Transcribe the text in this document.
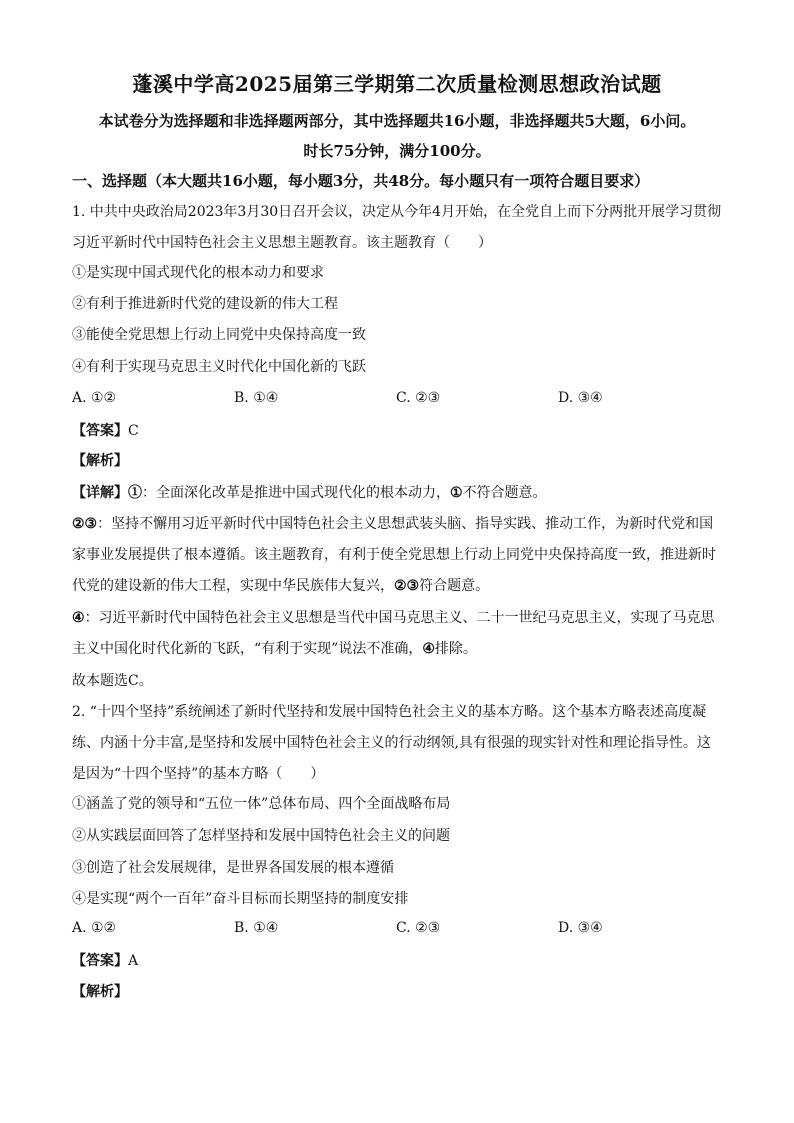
蓬溪中学高2025届第三学期第二次质量检测思想政治试题
本试卷分为选择题和非选择题两部分，其中选择题共16小题，非选择题共5大题，6小问。
时长75分钟，满分100分。
一、选择题（本大题共16小题，每小题3分，共48分。每小题只有一项符合题目要求）
1. 中共中央政治局2023年3月30日召开会议，决定从今年4月开始，在全党自上而下分两批开展学习贯彻习近平新时代中国特色社会主义思想主题教育。该主题教育（　　）
①是实现中国式现代化的根本动力和要求
②有利于推进新时代党的建设新的伟大工程
③能使全党思想上行动上同党中央保持高度一致
④有利于实现马克思主义时代化中国化新的飞跃
A. ①②	B. ①④	C. ②③	D. ③④
【答案】C
【解析】
【详解】①：全面深化改革是推进中国式现代化的根本动力，①不符合题意。
②③：坚持不懈用习近平新时代中国特色社会主义思想武装头脑、指导实践、推动工作，为新时代党和国家事业发展提供了根本遵循。该主题教育，有利于使全党思想上行动上同党中央保持高度一致，推进新时代党的建设新的伟大工程，实现中华民族伟大复兴，②③符合题意。
④：习近平新时代中国特色社会主义思想是当代中国马克思主义、二十一世纪马克思主义，实现了马克思主义中国化时代化新的飞跃，“有利于实现”说法不准确，④排除。
故本题选C。
2. “十四个坚持”系统阐述了新时代坚持和发展中国特色社会主义的基本方略。这个基本方略表述高度凝练、内涵十分丰富,是坚持和发展中国特色社会主义的行动纲领,具有很强的现实针对性和理论指导性。这是因为“十四个坚持”的基本方略（　　）
①涵盖了党的领导和“五位一体”总体布局、四个全面战略布局
②从实践层面回答了怎样坚持和发展中国特色社会主义的问题
③创造了社会发展规律，是世界各国发展的根本遵循
④是实现“两个一百年”奋斗目标而长期坚持的制度安排
A. ①②	B. ①④	C. ②③	D. ③④
【答案】A
【解析】
